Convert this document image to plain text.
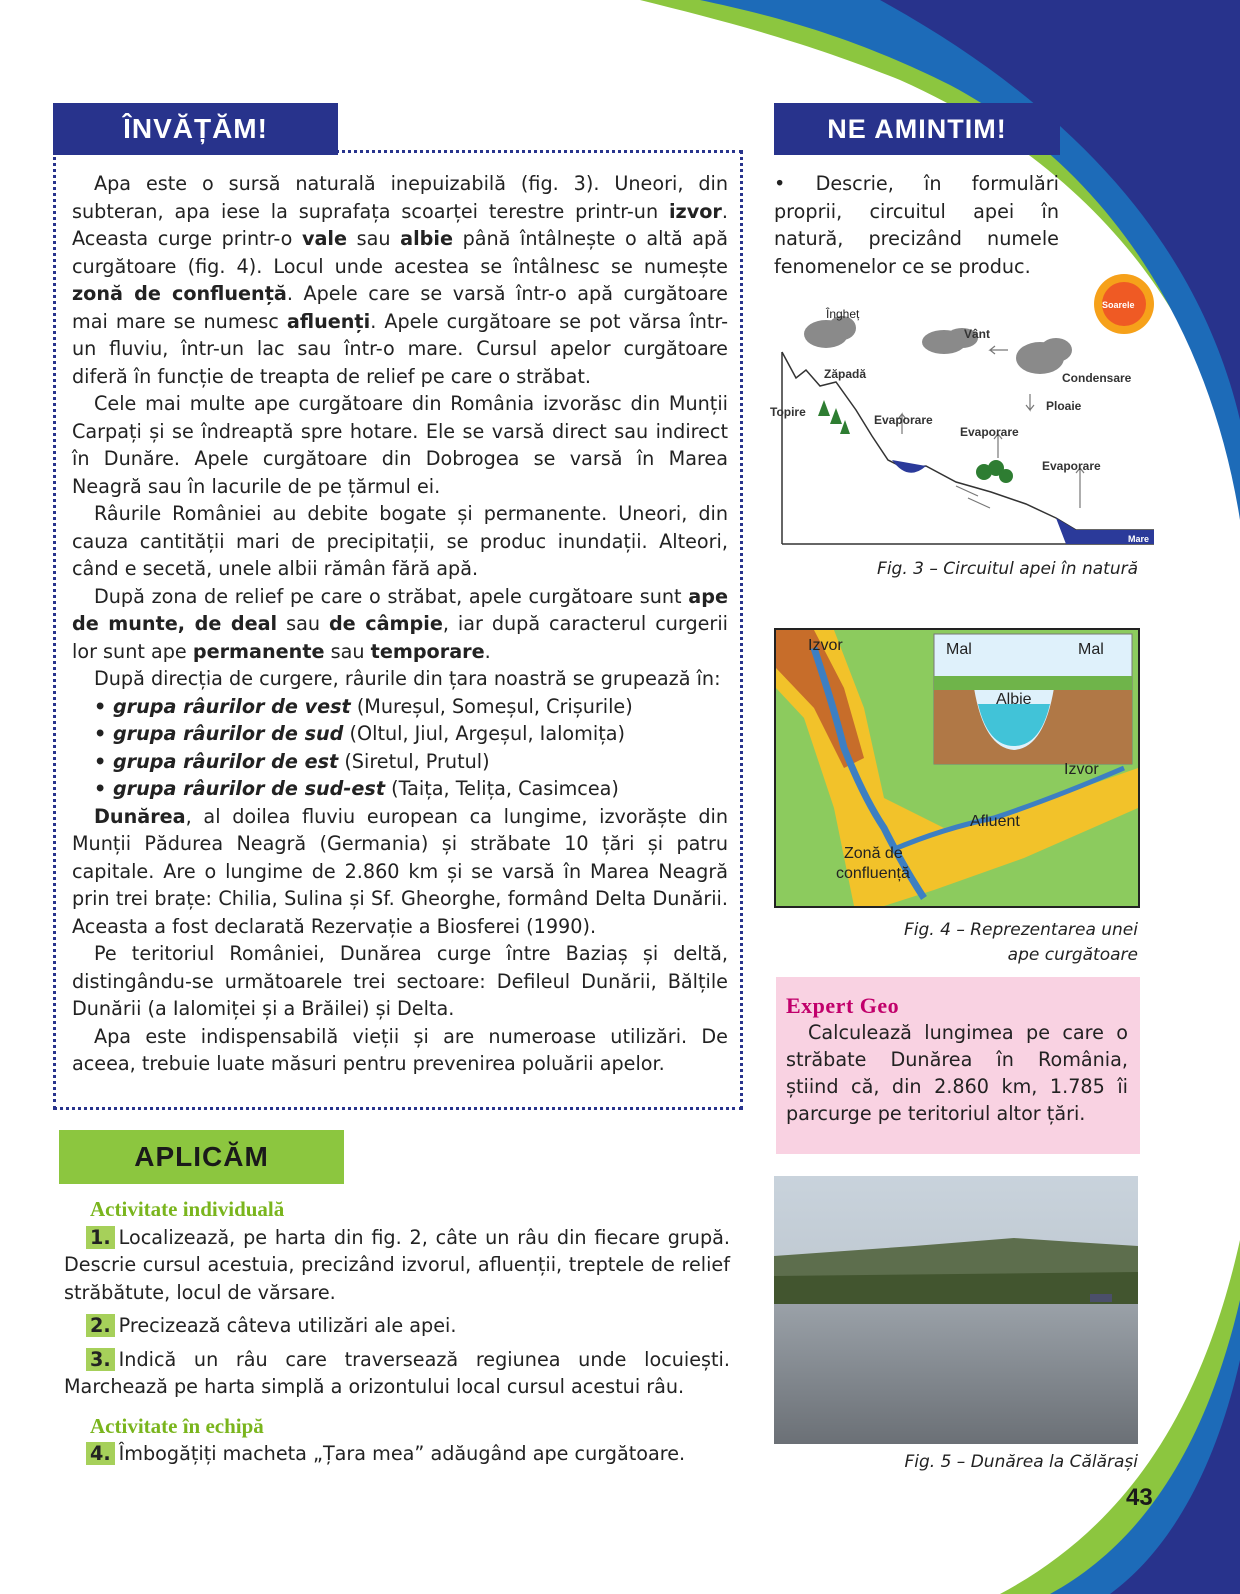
ÎNVĂȚĂM!

Apa este o sursă naturală inepuizabilă (fig. 3). Uneori, din subteran, apa iese la suprafața scoarței terestre printr-un izvor. Aceasta curge printr-o vale sau albie până întâlnește o altă apă curgătoare (fig. 4). Locul unde acestea se întâlnesc se numește zonă de confluență. Apele care se varsă într-o apă curgătoare mai mare se numesc afluenți. Apele curgătoare se pot vărsa într-un fluviu, într-un lac sau într-o mare. Cursul apelor curgătoare diferă în funcție de treapta de relief pe care o străbat.

Cele mai multe ape curgătoare din România izvorăsc din Munții Carpați și se îndreaptă spre hotare. Ele se varsă direct sau indirect în Dunăre. Apele curgătoare din Dobrogea se varsă în Marea Neagră sau în lacurile de pe țărmul ei.

Râurile României au debite bogate și permanente. Uneori, din cauza cantității mari de precipitații, se produc inundații. Alteori, când e secetă, unele albii rămân fără apă.

După zona de relief pe care o străbat, apele curgătoare sunt ape de munte, de deal sau de câmpie, iar după caracterul curgerii lor sunt ape permanente sau temporare.

După direcția de curgere, râurile din țara noastră se grupează în:

• grupa râurilor de vest (Mureșul, Someșul, Crișurile)
• grupa râurilor de sud (Oltul, Jiul, Argeșul, Ialomița)
• grupa râurilor de est (Siretul, Prutul)
• grupa râurilor de sud-est (Taița, Telița, Casimcea)

Dunărea, al doilea fluviu european ca lungime, izvorăște din Munții Pădurea Neagră (Germania) și străbate 10 țări și patru capitale. Are o lungime de 2.860 km și se varsă în Marea Neagră prin trei brațe: Chilia, Sulina și Sf. Gheorghe, formând Delta Dunării. Aceasta a fost declarată Rezervație a Biosferei (1990).

Pe teritoriul României, Dunărea curge între Baziaș și deltă, distingându-se următoarele trei sectoare: Defileul Dunării, Bălțile Dunării (a Ialomiței și a Brăilei) și Delta.

Apa este indispensabilă vieții și are numeroase utilizări. De aceea, trebuie luate măsuri pentru prevenirea poluării apelor.

NE AMINTIM!
• Descrie, în formulări proprii, circuitul apei în natură, precizând numele fenomenelor ce se produc.
Soarele
Îngheț
Vânt
Zăpadă	Condensare
Topire	Ploaie
Evaporare
Evaporare
Evaporare
Mare
Fig. 3 – Circuitul apei în natură
Izvor	Mal	Mal
Albie
Izvor
Afluent
Zonă de
confluență
Fig. 4 – Reprezentarea unei
ape curgătoare
Expert Geo
Calculează lungimea pe care o străbate Dunărea în România, știind că, din 2.860 km, 1.785 îi parcurge pe teritoriul altor țări.
Fig. 5 – Dunărea la Călărași
APLICĂM
Activitate individuală

1. Localizează, pe harta din fig. 2, câte un râu din fiecare grupă. Descrie cursul acestuia, precizând izvorul, afluenții, treptele de relief străbătute, locul de vărsare.

2. Precizează câteva utilizări ale apei.

3. Indică un râu care traversează regiunea unde locuiești. Marchează pe harta simplă a orizontului local cursul acestui râu.

Activitate în echipă

4. Îmbogățiți macheta „Țara mea” adăugând ape curgătoare.

43
